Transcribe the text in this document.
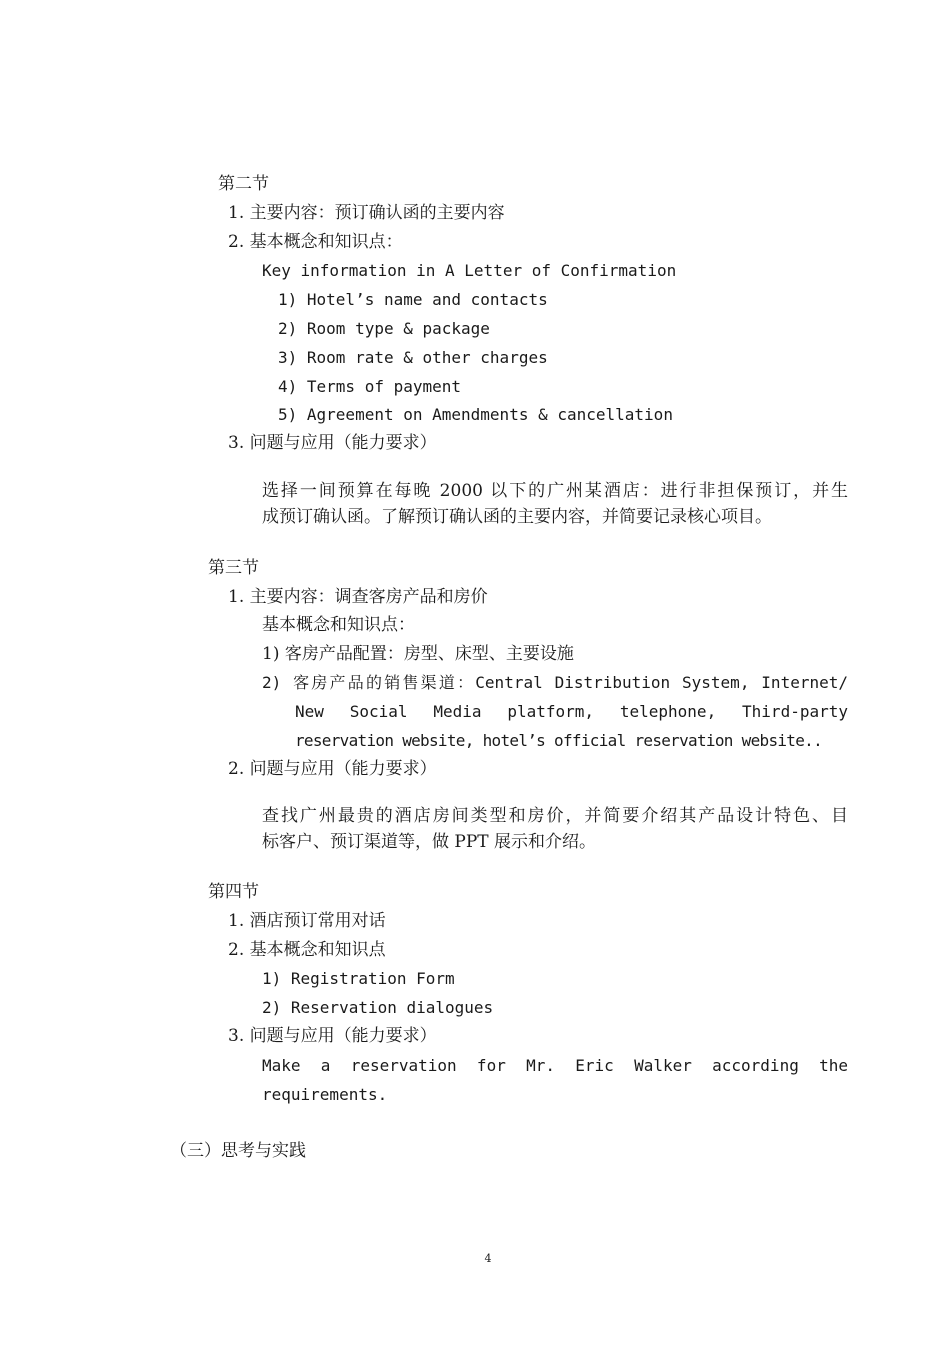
第二节
1. 主要内容：预订确认函的主要内容
2. 基本概念和知识点：
Key information in A Letter of Confirmation
1) Hotel’s name and contacts
2) Room type & package
3) Room rate & other charges
4) Terms of payment
5) Agreement on Amendments & cancellation
3. 问题与应用（能力要求）
选择一间预算在每晚 2000 以下的广州某酒店：进行非担保预订，并生
成预订确认函。了解预订确认函的主要内容，并简要记录核心项目。
第三节
1. 主要内容：调查客房产品和房价
基本概念和知识点：
1) 客房产品配置：房型、床型、主要设施
2) 客房产品的销售渠道：Central Distribution System, Internet/
New Social Media platform, telephone, Third-party
reservation website, hotel’s official reservation website..
2. 问题与应用（能力要求）
查找广州最贵的酒店房间类型和房价，并简要介绍其产品设计特色、目
标客户、预订渠道等，做 PPT 展示和介绍。
第四节
1. 酒店预订常用对话
2. 基本概念和知识点
1) Registration Form
2) Reservation dialogues
3. 问题与应用（能力要求）
Make a reservation for Mr. Eric Walker according the
requirements.
（三）思考与实践
4
